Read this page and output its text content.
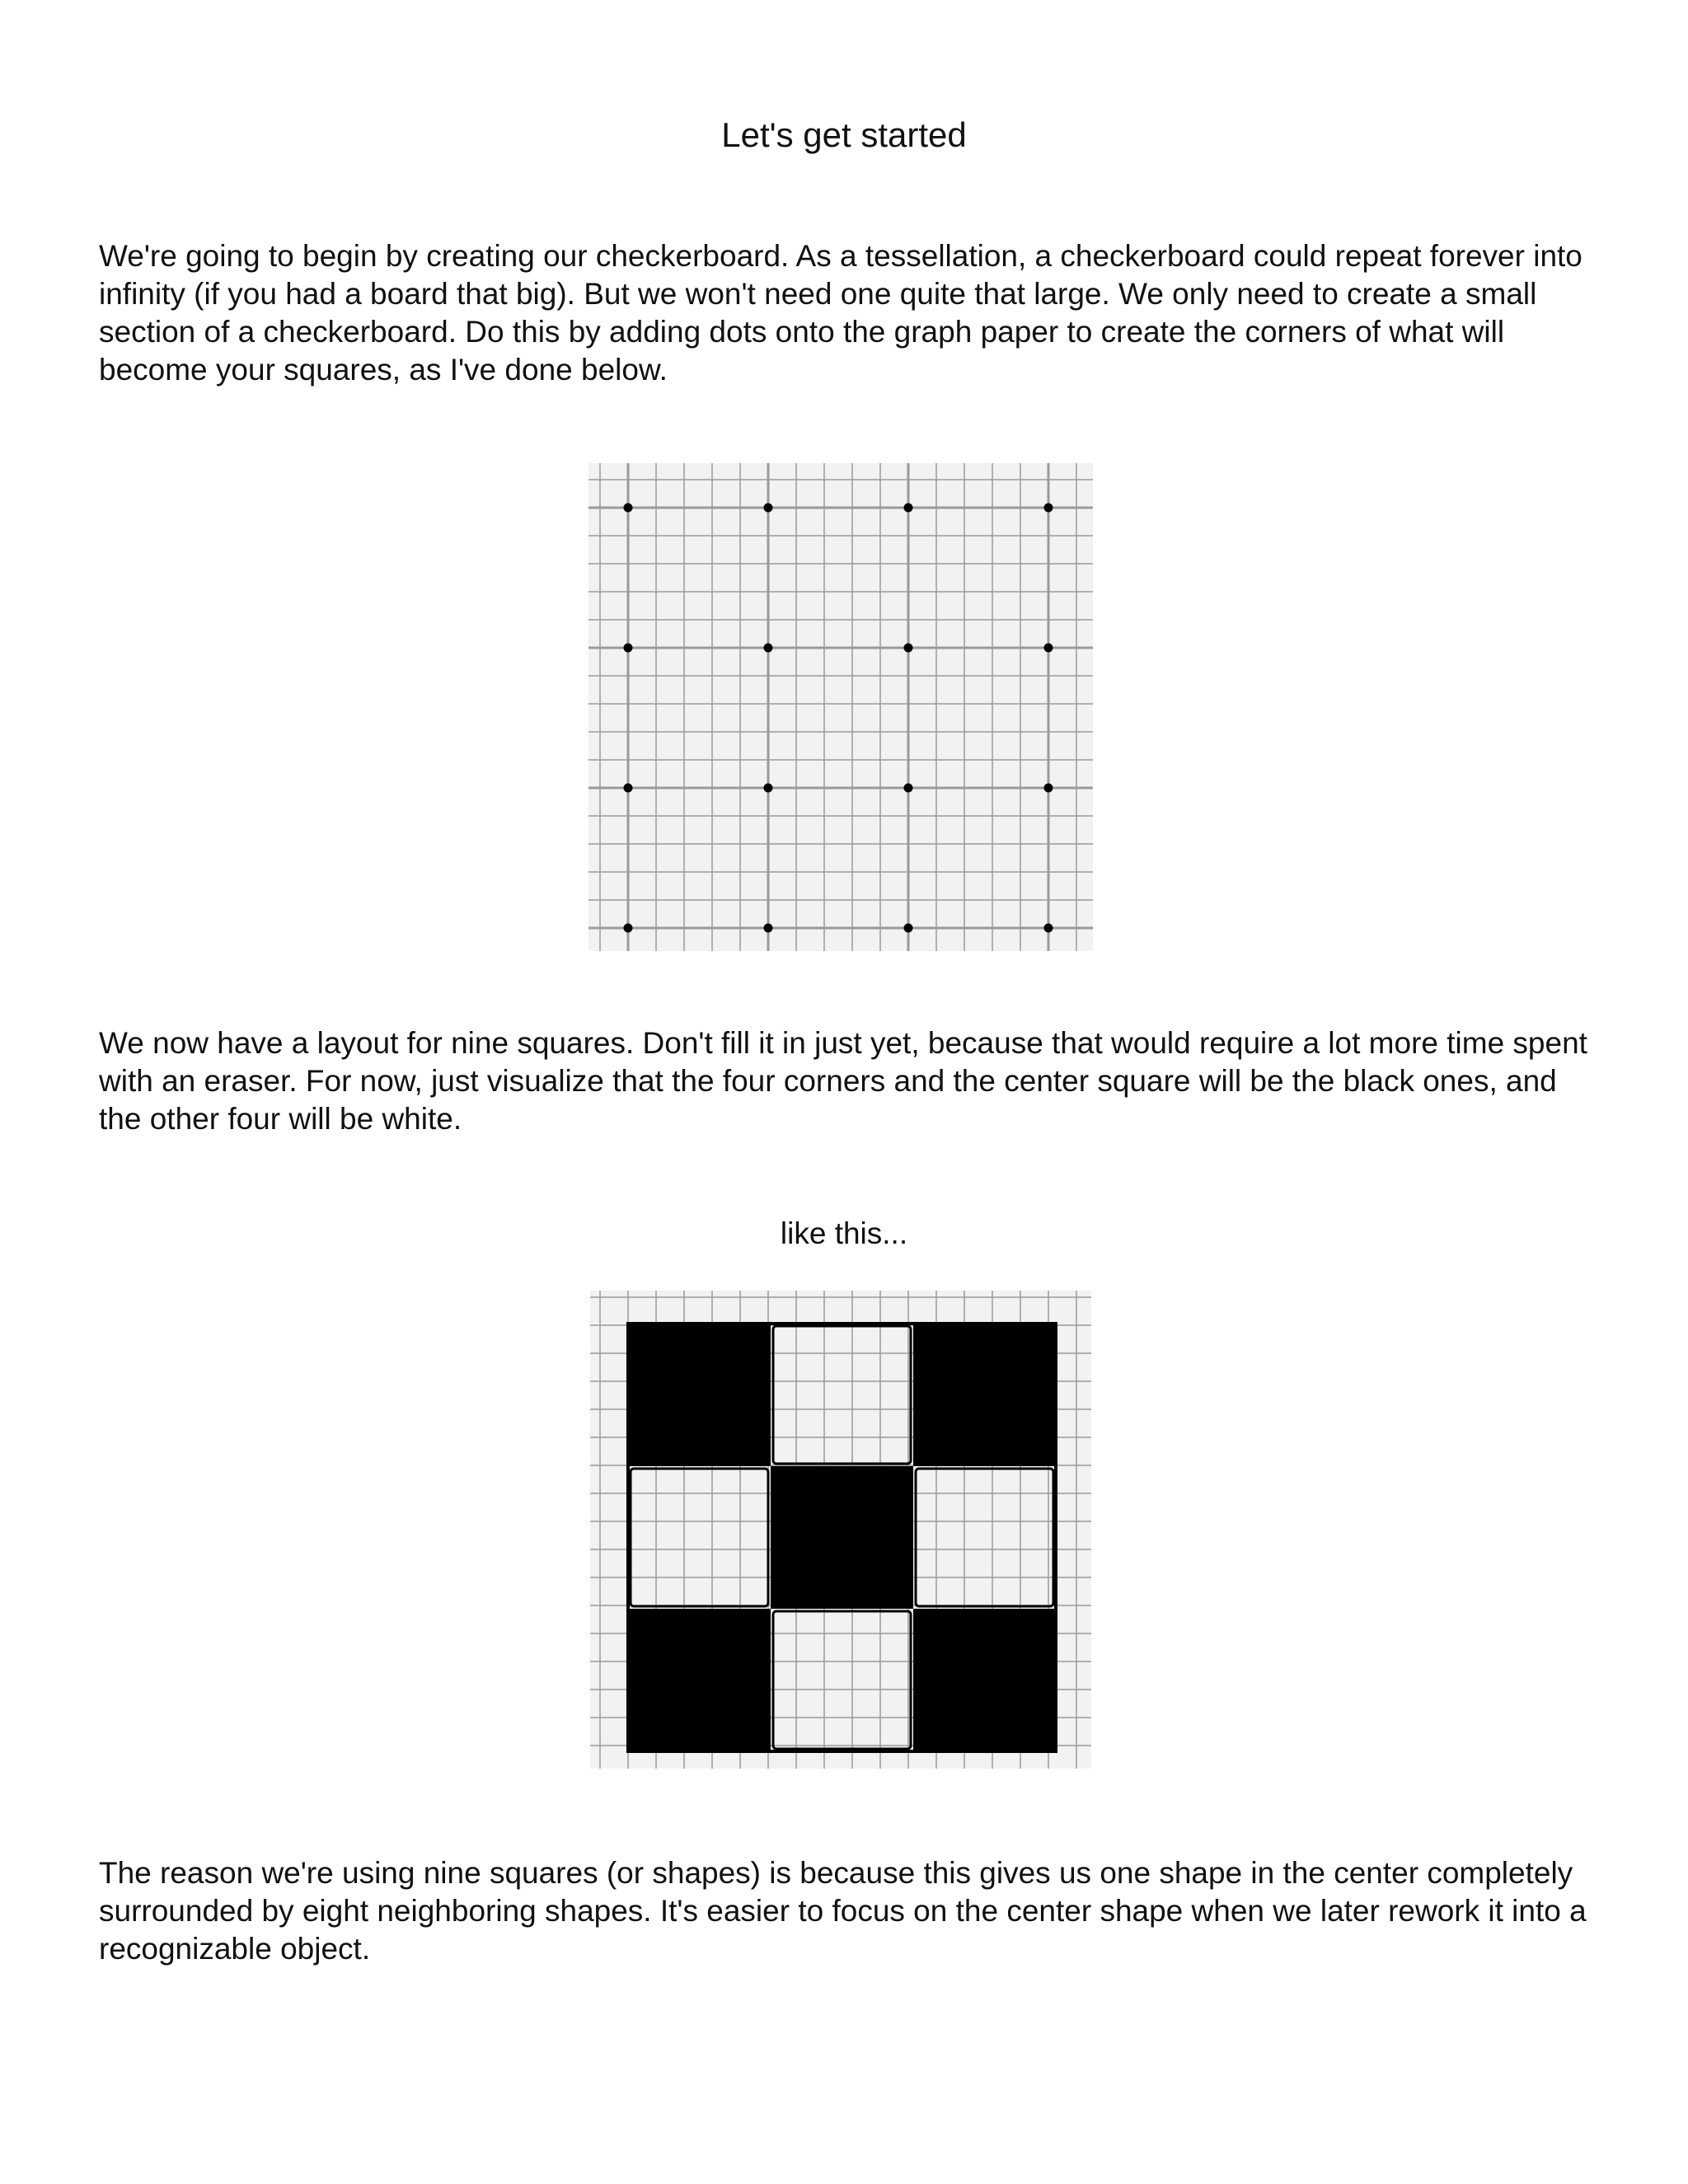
Let's get started

We're going to begin by creating our checkerboard. As a tessellation, a checkerboard could repeat forever into infinity (if you had a board that big). But we won't need one quite that large. We only need to create a small section of a checkerboard. Do this by adding dots onto the graph paper to create the corners of what will become your squares, as I've done below.

We now have a layout for nine squares. Don't fill it in just yet, because that would require a lot more time spent with an eraser. For now, just visualize that the four corners and the center square will be the black ones, and the other four will be white.

like this...

The reason we're using nine squares (or shapes) is because this gives us one shape in the center completely surrounded by eight neighboring shapes. It's easier to focus on the center shape when we later rework it into a recognizable object.
